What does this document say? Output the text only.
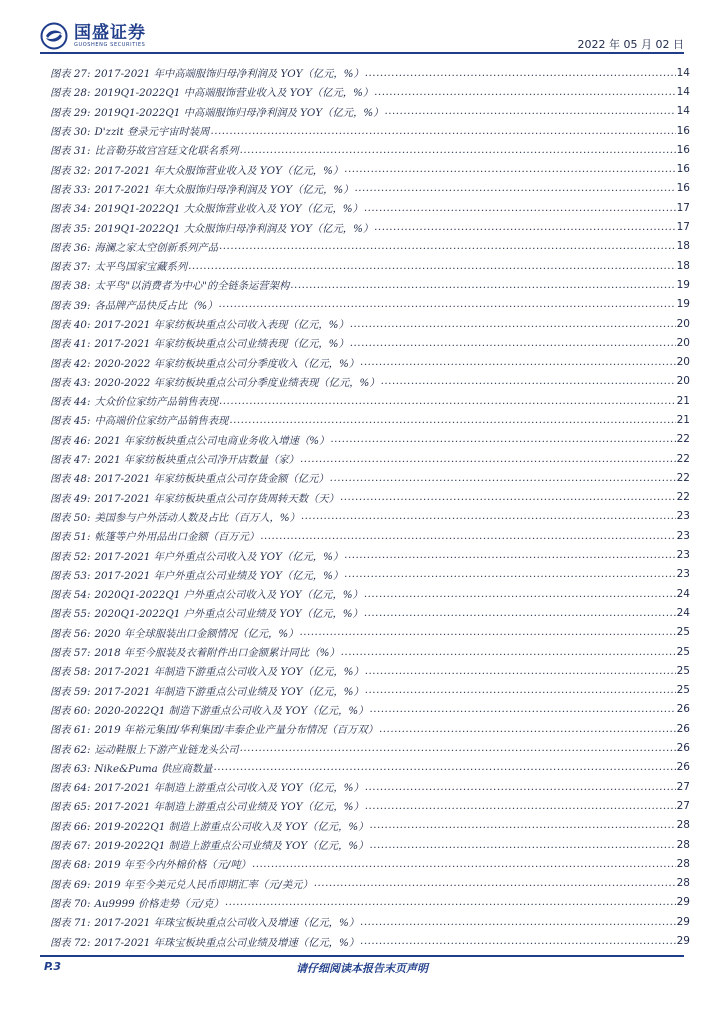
国盛证券
GUOSHENG SECURITIES	2022 年 05 月 02 日
图表 27: 2017-2021 年中高端服饰归母净利润及 YOY（亿元，%） .....	14
图表 28: 2019Q1-2022Q1 中高端服饰营业收入及 YOY（亿元，%） .....	14
图表 29: 2019Q1-2022Q1 中高端服饰归母净利润及 YOY（亿元，%） .....	14
图表 30: D'zzit 登录元宇宙时装周 .....	16
图表 31: 比音勒芬故宫宫廷文化联名系列 .....	16
图表 32: 2017-2021 年大众服饰营业收入及 YOY（亿元，%） .....	16
图表 33: 2017-2021 年大众服饰归母净利润及 YOY（亿元，%） .....	16
图表 34: 2019Q1-2022Q1 大众服饰营业收入及 YOY（亿元，%） .....	17
图表 35: 2019Q1-2022Q1 大众服饰归母净利润及 YOY（亿元，%） .....	17
图表 36: 海澜之家太空创新系列产品 .....	18
图表 37: 太平鸟国家宝藏系列 .....	18
图表 38: 太平鸟"以消费者为中心"的全链条运营架构 .....	19
图表 39: 各品牌产品快反占比（%） .....	19
图表 40: 2017-2021 年家纺板块重点公司收入表现（亿元，%） .....	20
图表 41: 2017-2021 年家纺板块重点公司业绩表现（亿元，%） .....	20
图表 42: 2020-2022 年家纺板块重点公司分季度收入（亿元，%） .....	20
图表 43: 2020-2022 年家纺板块重点公司分季度业绩表现（亿元，%） .....	20
图表 44: 大众价位家纺产品销售表现 .....	21
图表 45: 中高端价位家纺产品销售表现 .....	21
图表 46: 2021 年家纺板块重点公司电商业务收入增速（%） .....	22
图表 47: 2021 年家纺板块重点公司净开店数量（家） .....	22
图表 48: 2017-2021 年家纺板块重点公司存货金额（亿元） .....	22
图表 49: 2017-2021 年家纺板块重点公司存货周转天数（天） .....	22
图表 50: 美国参与户外活动人数及占比（百万人，%） .....	23
图表 51: 帐篷等户外用品出口金额（百万元） .....	23
图表 52: 2017-2021 年户外重点公司收入及 YOY（亿元，%） .....	23
图表 53: 2017-2021 年户外重点公司业绩及 YOY（亿元，%） .....	23
图表 54: 2020Q1-2022Q1 户外重点公司收入及 YOY（亿元，%） .....	24
图表 55: 2020Q1-2022Q1 户外重点公司业绩及 YOY（亿元，%） .....	24
图表 56: 2020 年全球服装出口金额情况（亿元，%） .....	25
图表 57: 2018 年至今服装及衣着附件出口金额累计同比（%） .....	25
图表 58: 2017-2021 年制造下游重点公司收入及 YOY（亿元，%） .....	25
图表 59: 2017-2021 年制造下游重点公司业绩及 YOY（亿元，%） .....	25
图表 60: 2020-2022Q1 制造下游重点公司收入及 YOY（亿元，%） .....	26
图表 61: 2019 年裕元集团/华利集团/丰泰企业产量分布情况（百万双） .....	26
图表 62: 运动鞋服上下游产业链龙头公司 .....	26
图表 63: Nike&Puma 供应商数量 .....	26
图表 64: 2017-2021 年制造上游重点公司收入及 YOY（亿元，%） .....	27
图表 65: 2017-2021 年制造上游重点公司业绩及 YOY（亿元，%） .....	27
图表 66: 2019-2022Q1 制造上游重点公司收入及 YOY（亿元，%） .....	28
图表 67: 2019-2022Q1 制造上游重点公司业绩及 YOY（亿元，%） .....	28
图表 68: 2019 年至今内外棉价格（元/吨） .....	28
图表 69: 2019 年至今美元兑人民币即期汇率（元/美元） .....	28
图表 70: Au9999 价格走势（元/克） .....	29
图表 71: 2017-2021 年珠宝板块重点公司收入及增速（亿元，%） .....	29
图表 72: 2017-2021 年珠宝板块重点公司业绩及增速（亿元，%） .....	29
P.3	请仔细阅读本报告末页声明
